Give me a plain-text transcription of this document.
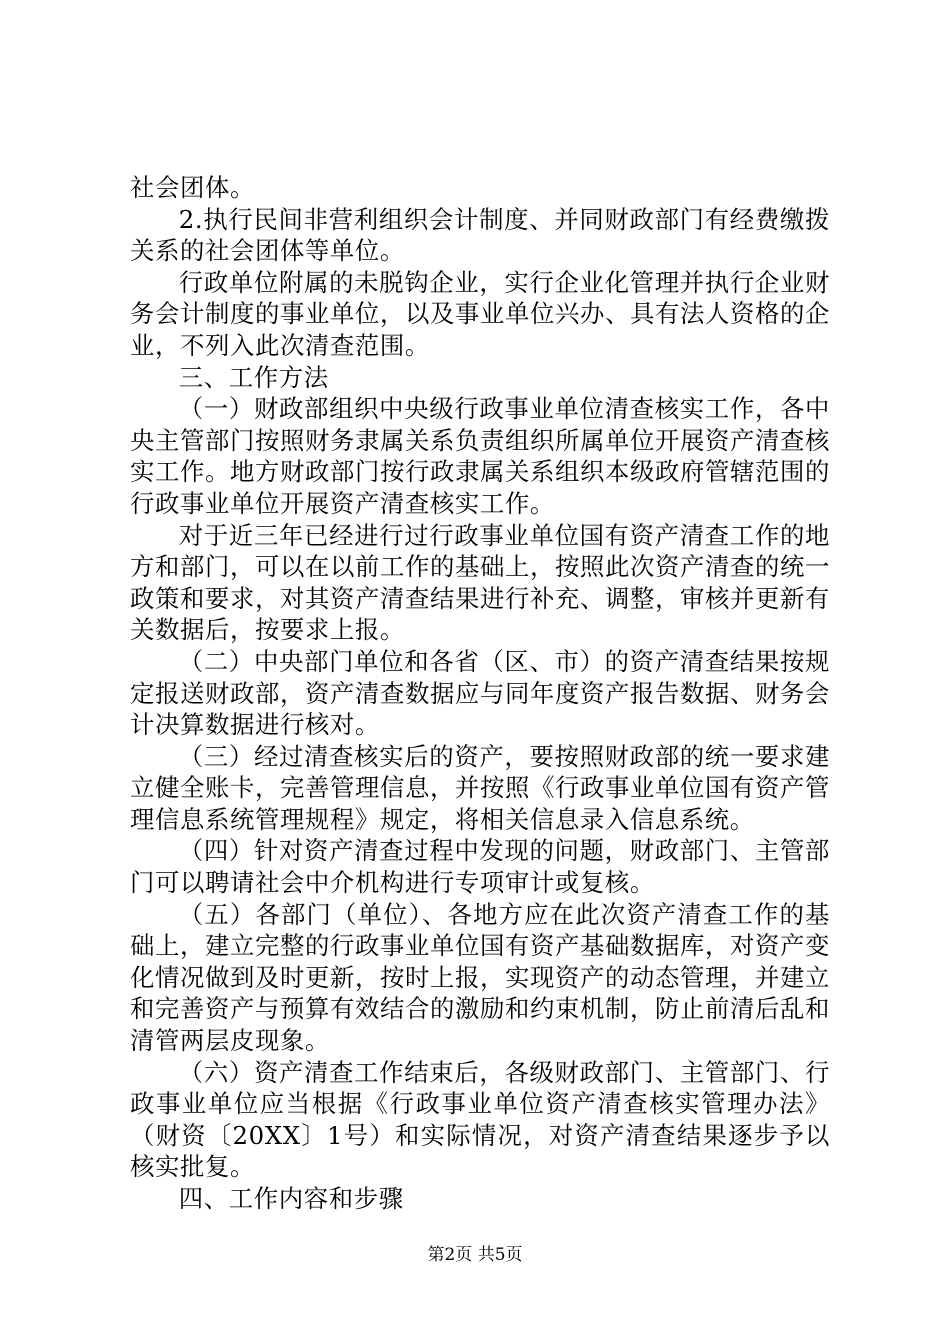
社会团体。

2.执行民间非营利组织会计制度、并同财政部门有经费缴拨关系的社会团体等单位。

行政单位附属的未脱钩企业，实行企业化管理并执行企业财务会计制度的事业单位，以及事业单位兴办、具有法人资格的企业，不列入此次清查范围。

三、工作方法

（一）财政部组织中央级行政事业单位清查核实工作，各中央主管部门按照财务隶属关系负责组织所属单位开展资产清查核实工作。地方财政部门按行政隶属关系组织本级政府管辖范围的行政事业单位开展资产清查核实工作。

对于近三年已经进行过行政事业单位国有资产清查工作的地方和部门，可以在以前工作的基础上，按照此次资产清查的统一政策和要求，对其资产清查结果进行补充、调整，审核并更新有关数据后，按要求上报。

（二）中央部门单位和各省（区、市）的资产清查结果按规定报送财政部，资产清查数据应与同年度资产报告数据、财务会计决算数据进行核对。

（三）经过清查核实后的资产，要按照财政部的统一要求建立健全账卡，完善管理信息，并按照《行政事业单位国有资产管理信息系统管理规程》规定，将相关信息录入信息系统。

（四）针对资产清查过程中发现的问题，财政部门、主管部门可以聘请社会中介机构进行专项审计或复核。

（五）各部门（单位）、各地方应在此次资产清查工作的基础上，建立完整的行政事业单位国有资产基础数据库，对资产变化情况做到及时更新，按时上报，实现资产的动态管理，并建立和完善资产与预算有效结合的激励和约束机制，防止前清后乱和清管两层皮现象。

（六）资产清查工作结束后，各级财政部门、主管部门、行政事业单位应当根据《行政事业单位资产清查核实管理办法》（财资〔20XX〕1号）和实际情况，对资产清查结果逐步予以核实批复。

四、工作内容和步骤

第2页 共5页
